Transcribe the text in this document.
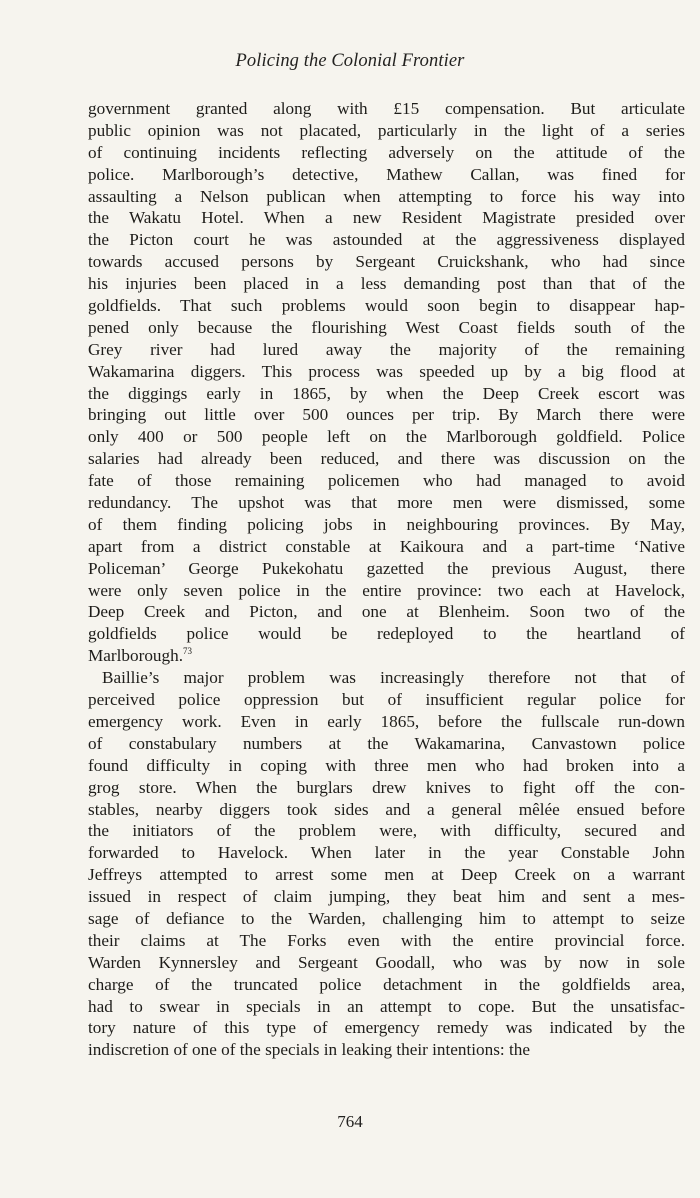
Policing the Colonial Frontier
government granted along with £15 compensation. But articulate
public opinion was not placated, particularly in the light of a series
of continuing incidents reflecting adversely on the attitude of the
police. Marlborough’s detective, Mathew Callan, was fined for
assaulting a Nelson publican when attempting to force his way into
the Wakatu Hotel. When a new Resident Magistrate presided over
the Picton court he was astounded at the aggressiveness displayed
towards accused persons by Sergeant Cruickshank, who had since
his injuries been placed in a less demanding post than that of the
goldfields. That such problems would soon begin to disappear hap-
pened only because the flourishing West Coast fields south of the
Grey river had lured away the majority of the remaining
Wakamarina diggers. This process was speeded up by a big flood at
the diggings early in 1865, by when the Deep Creek escort was
bringing out little over 500 ounces per trip. By March there were
only 400 or 500 people left on the Marlborough goldfield. Police
salaries had already been reduced, and there was discussion on the
fate of those remaining policemen who had managed to avoid
redundancy. The upshot was that more men were dismissed, some
of them finding policing jobs in neighbouring provinces. By May,
apart from a district constable at Kaikoura and a part-time ‘Native
Policeman’ George Pukekohatu gazetted the previous August, there
were only seven police in the entire province: two each at Havelock,
Deep Creek and Picton, and one at Blenheim. Soon two of the
goldfields police would be redeployed to the heartland of
Marlborough.$^{73}$
Baillie’s major problem was increasingly therefore not that of
perceived police oppression but of insufficient regular police for
emergency work. Even in early 1865, before the fullscale run-down
of constabulary numbers at the Wakamarina, Canvastown police
found difficulty in coping with three men who had broken into a
grog store. When the burglars drew knives to fight off the con-
stables, nearby diggers took sides and a general mêlée ensued before
the initiators of the problem were, with difficulty, secured and
forwarded to Havelock. When later in the year Constable John
Jeffreys attempted to arrest some men at Deep Creek on a warrant
issued in respect of claim jumping, they beat him and sent a mes-
sage of defiance to the Warden, challenging him to attempt to seize
their claims at The Forks even with the entire provincial force.
Warden Kynnersley and Sergeant Goodall, who was by now in sole
charge of the truncated police detachment in the goldfields area,
had to swear in specials in an attempt to cope. But the unsatisfac-
tory nature of this type of emergency remedy was indicated by the
indiscretion of one of the specials in leaking their intentions: the
764
